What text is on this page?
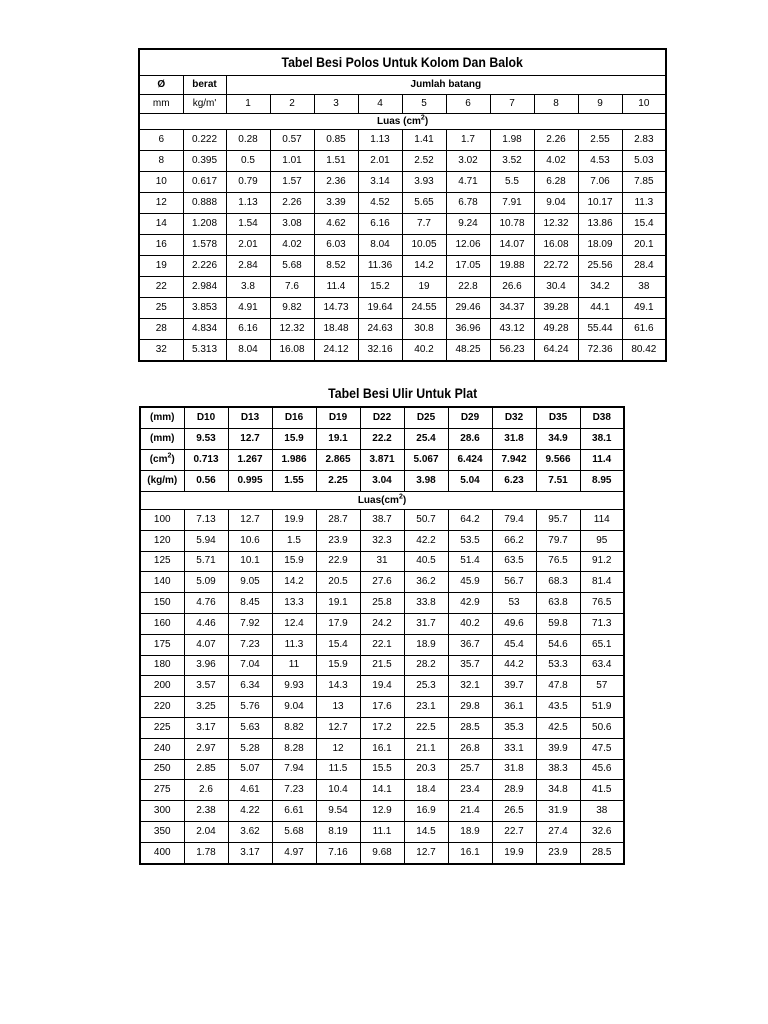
Tabel Besi Polos Untuk Kolom Dan Balok											

Ø	berat	Jumlah batang									
mm	kg/m'	1	2	3	4	5	6	7	8	9	10
Luas $(cm^2)$											
6	0.222	0.28	0.57	0.85	1.13	1.41	1.7	1.98	2.26	2.55	2.83
8	0.395	0.5	1.01	1.51	2.01	2.52	3.02	3.52	4.02	4.53	5.03
10	0.617	0.79	1.57	2.36	3.14	3.93	4.71	5.5	6.28	7.06	7.85
12	0.888	1.13	2.26	3.39	4.52	5.65	6.78	7.91	9.04	10.17	11.3
14	1.208	1.54	3.08	4.62	6.16	7.7	9.24	10.78	12.32	13.86	15.4
16	1.578	2.01	4.02	6.03	8.04	10.05	12.06	14.07	16.08	18.09	20.1
19	2.226	2.84	5.68	8.52	11.36	14.2	17.05	19.88	22.72	25.56	28.4
22	2.984	3.8	7.6	11.4	15.2	19	22.8	26.6	30.4	34.2	38
25	3.853	4.91	9.82	14.73	19.64	24.55	29.46	34.37	39.28	44.1	49.1
28	4.834	6.16	12.32	18.48	24.63	30.8	36.96	43.12	49.28	55.44	61.6
32	5.313	8.04	16.08	24.12	32.16	40.2	48.25	56.23	64.24	72.36	80.42
Tabel Besi Ulir Untuk Plat
(mm)	D10	D13	D16	D19	D22	D25	D29	D32	D35	D38
(mm)	9.53	12.7	15.9	19.1	22.2	25.4	28.6	31.8	34.9	38.1
$(cm^2)$	0.713	1.267	1.986	2.865	3.871	5.067	6.424	7.942	9.566	11.4
(kg/m)	0.56	0.995	1.55	2.25	3.04	3.98	5.04	6.23	7.51	8.95
$Luas(cm^2)$										
100	7.13	12.7	19.9	28.7	38.7	50.7	64.2	79.4	95.7	114
120	5.94	10.6	1.5	23.9	32.3	42.2	53.5	66.2	79.7	95
125	5.71	10.1	15.9	22.9	31	40.5	51.4	63.5	76.5	91.2
140	5.09	9.05	14.2	20.5	27.6	36.2	45.9	56.7	68.3	81.4
150	4.76	8.45	13.3	19.1	25.8	33.8	42.9	53	63.8	76.5
160	4.46	7.92	12.4	17.9	24.2	31.7	40.2	49.6	59.8	71.3
175	4.07	7.23	11.3	15.4	22.1	18.9	36.7	45.4	54.6	65.1
180	3.96	7.04	11	15.9	21.5	28.2	35.7	44.2	53.3	63.4
200	3.57	6.34	9.93	14.3	19.4	25.3	32.1	39.7	47.8	57
220	3.25	5.76	9.04	13	17.6	23.1	29.8	36.1	43.5	51.9
225	3.17	5.63	8.82	12.7	17.2	22.5	28.5	35.3	42.5	50.6
240	2.97	5.28	8.28	12	16.1	21.1	26.8	33.1	39.9	47.5
250	2.85	5.07	7.94	11.5	15.5	20.3	25.7	31.8	38.3	45.6
275	2.6	4.61	7.23	10.4	14.1	18.4	23.4	28.9	34.8	41.5
300	2.38	4.22	6.61	9.54	12.9	16.9	21.4	26.5	31.9	38
350	2.04	3.62	5.68	8.19	11.1	14.5	18.9	22.7	27.4	32.6
400	1.78	3.17	4.97	7.16	9.68	12.7	16.1	19.9	23.9	28.5
